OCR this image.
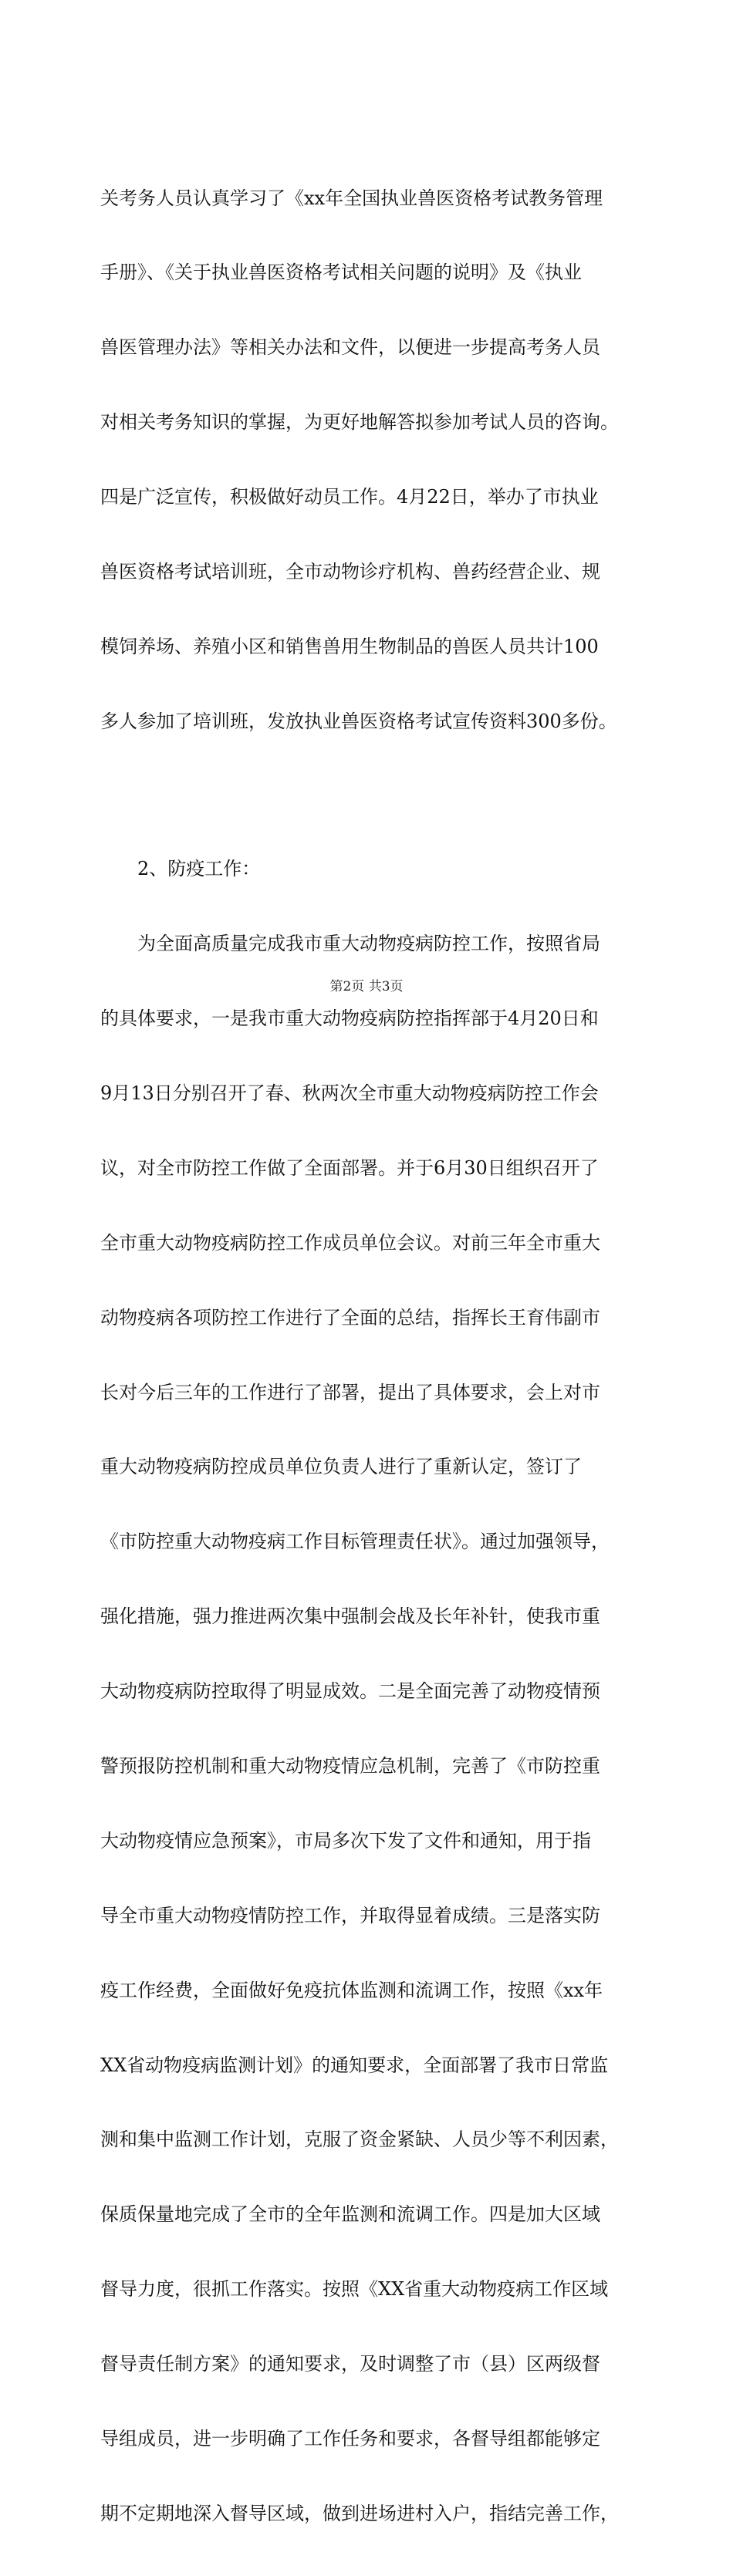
关考务人员认真学习了《xx年全国执业兽医资格考试教务管理

手册》、《关于执业兽医资格考试相关问题的说明》及《执业

兽医管理办法》等相关办法和文件，以便进一步提高考务人员

对相关考务知识的掌握，为更好地解答拟参加考试人员的咨询。

四是广泛宣传，积极做好动员工作。4月22日，举办了市执业

兽医资格考试培训班，全市动物诊疗机构、兽药经营企业、规

模饲养场、养殖小区和销售兽用生物制品的兽医人员共计100

多人参加了培训班，发放执业兽医资格考试宣传资料300多份。

2、防疫工作：

为全面高质量完成我市重大动物疫病防控工作，按照省局

的具体要求，一是我市重大动物疫病防控指挥部于4月20日和

9月13日分别召开了春、秋两次全市重大动物疫病防控工作会

议，对全市防控工作做了全面部署。并于6月30日组织召开了

全市重大动物疫病防控工作成员单位会议。对前三年全市重大

动物疫病各项防控工作进行了全面的总结，指挥长王育伟副市

长对今后三年的工作进行了部署，提出了具体要求，会上对市

重大动物疫病防控成员单位负责人进行了重新认定，签订了

《市防控重大动物疫病工作目标管理责任状》。通过加强领导，

强化措施，强力推进两次集中强制会战及长年补针，使我市重

大动物疫病防控取得了明显成效。二是全面完善了动物疫情预

警预报防控机制和重大动物疫情应急机制，完善了《市防控重

大动物疫情应急预案》，市局多次下发了文件和通知，用于指

导全市重大动物疫情防控工作，并取得显着成绩。三是落实防

疫工作经费，全面做好免疫抗体监测和流调工作，按照《xx年

XX省动物疫病监测计划》的通知要求，全面部署了我市日常监

测和集中监测工作计划，克服了资金紧缺、人员少等不利因素，

保质保量地完成了全市的全年监测和流调工作。四是加大区域

督导力度，很抓工作落实。按照《XX省重大动物疫病工作区域

督导责任制方案》的通知要求，及时调整了市（县）区两级督

导组成员，进一步明确了工作任务和要求，各督导组都能够定

期不定期地深入督导区域，做到进场进村入户，指结完善工作，

第2页 共3页
